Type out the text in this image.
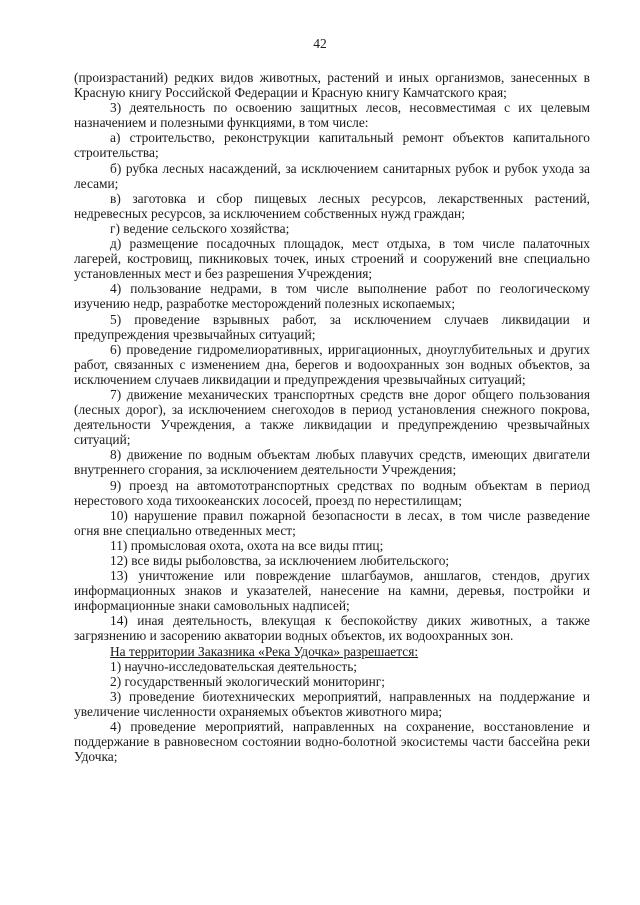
42

(произрастаний) редких видов животных, растений и иных организмов, занесенных в Красную книгу Российской Федерации и Красную книгу Камчатского края;

3) деятельность по освоению защитных лесов, несовместимая с их целевым назначением и полезными функциями, в том числе:

а) строительство, реконструкции капитальный ремонт объектов капитального строительства;

б) рубка лесных насаждений, за исключением санитарных рубок и рубок ухода за лесами;

в) заготовка и сбор пищевых лесных ресурсов, лекарственных растений, недревесных ресурсов, за исключением собственных нужд граждан;

г) ведение сельского хозяйства;

д) размещение посадочных площадок, мест отдыха, в том числе палаточных лагерей, костровищ, пикниковых точек, иных строений и сооружений вне специально установленных мест и без разрешения Учреждения;

4) пользование недрами, в том числе выполнение работ по геологическому изучению недр, разработке месторождений полезных ископаемых;

5) проведение взрывных работ, за исключением случаев ликвидации и предупреждения чрезвычайных ситуаций;

6) проведение гидромелиоративных, ирригационных, дноуглубительных и других работ, связанных с изменением дна, берегов и водоохранных зон водных объектов, за исключением случаев ликвидации и предупреждения чрезвычайных ситуаций;

7) движение механических транспортных средств вне дорог общего пользования (лесных дорог), за исключением снегоходов в период установления снежного покрова, деятельности Учреждения, а также ликвидации и предупреждению чрезвычайных ситуаций;

8) движение по водным объектам любых плавучих средств, имеющих двигатели внутреннего сгорания, за исключением деятельности Учреждения;

9) проезд на автомототранспортных средствах по водным объектам в период нерестового хода тихоокеанских лососей, проезд по нерестилищам;

10) нарушение правил пожарной безопасности в лесах, в том числе разведение огня вне специально отведенных мест;

11) промысловая охота, охота на все виды птиц;

12) все виды рыболовства, за исключением любительского;

13) уничтожение или повреждение шлагбаумов, аншлагов, стендов, других информационных знаков и указателей, нанесение на камни, деревья, постройки и информационные знаки самовольных надписей;

14) иная деятельность, влекущая к беспокойству диких животных, а также загрязнению и засорению акватории водных объектов, их водоохранных зон.

На территории Заказника «Река Удочка» разрешается:

1) научно-исследовательская деятельность;

2) государственный экологический мониторинг;

3) проведение биотехнических мероприятий, направленных на поддержание и увеличение численности охраняемых объектов животного мира;

4) проведение мероприятий, направленных на сохранение, восстановление и поддержание в равновесном состоянии водно-болотной экосистемы части бассейна реки Удочка;
